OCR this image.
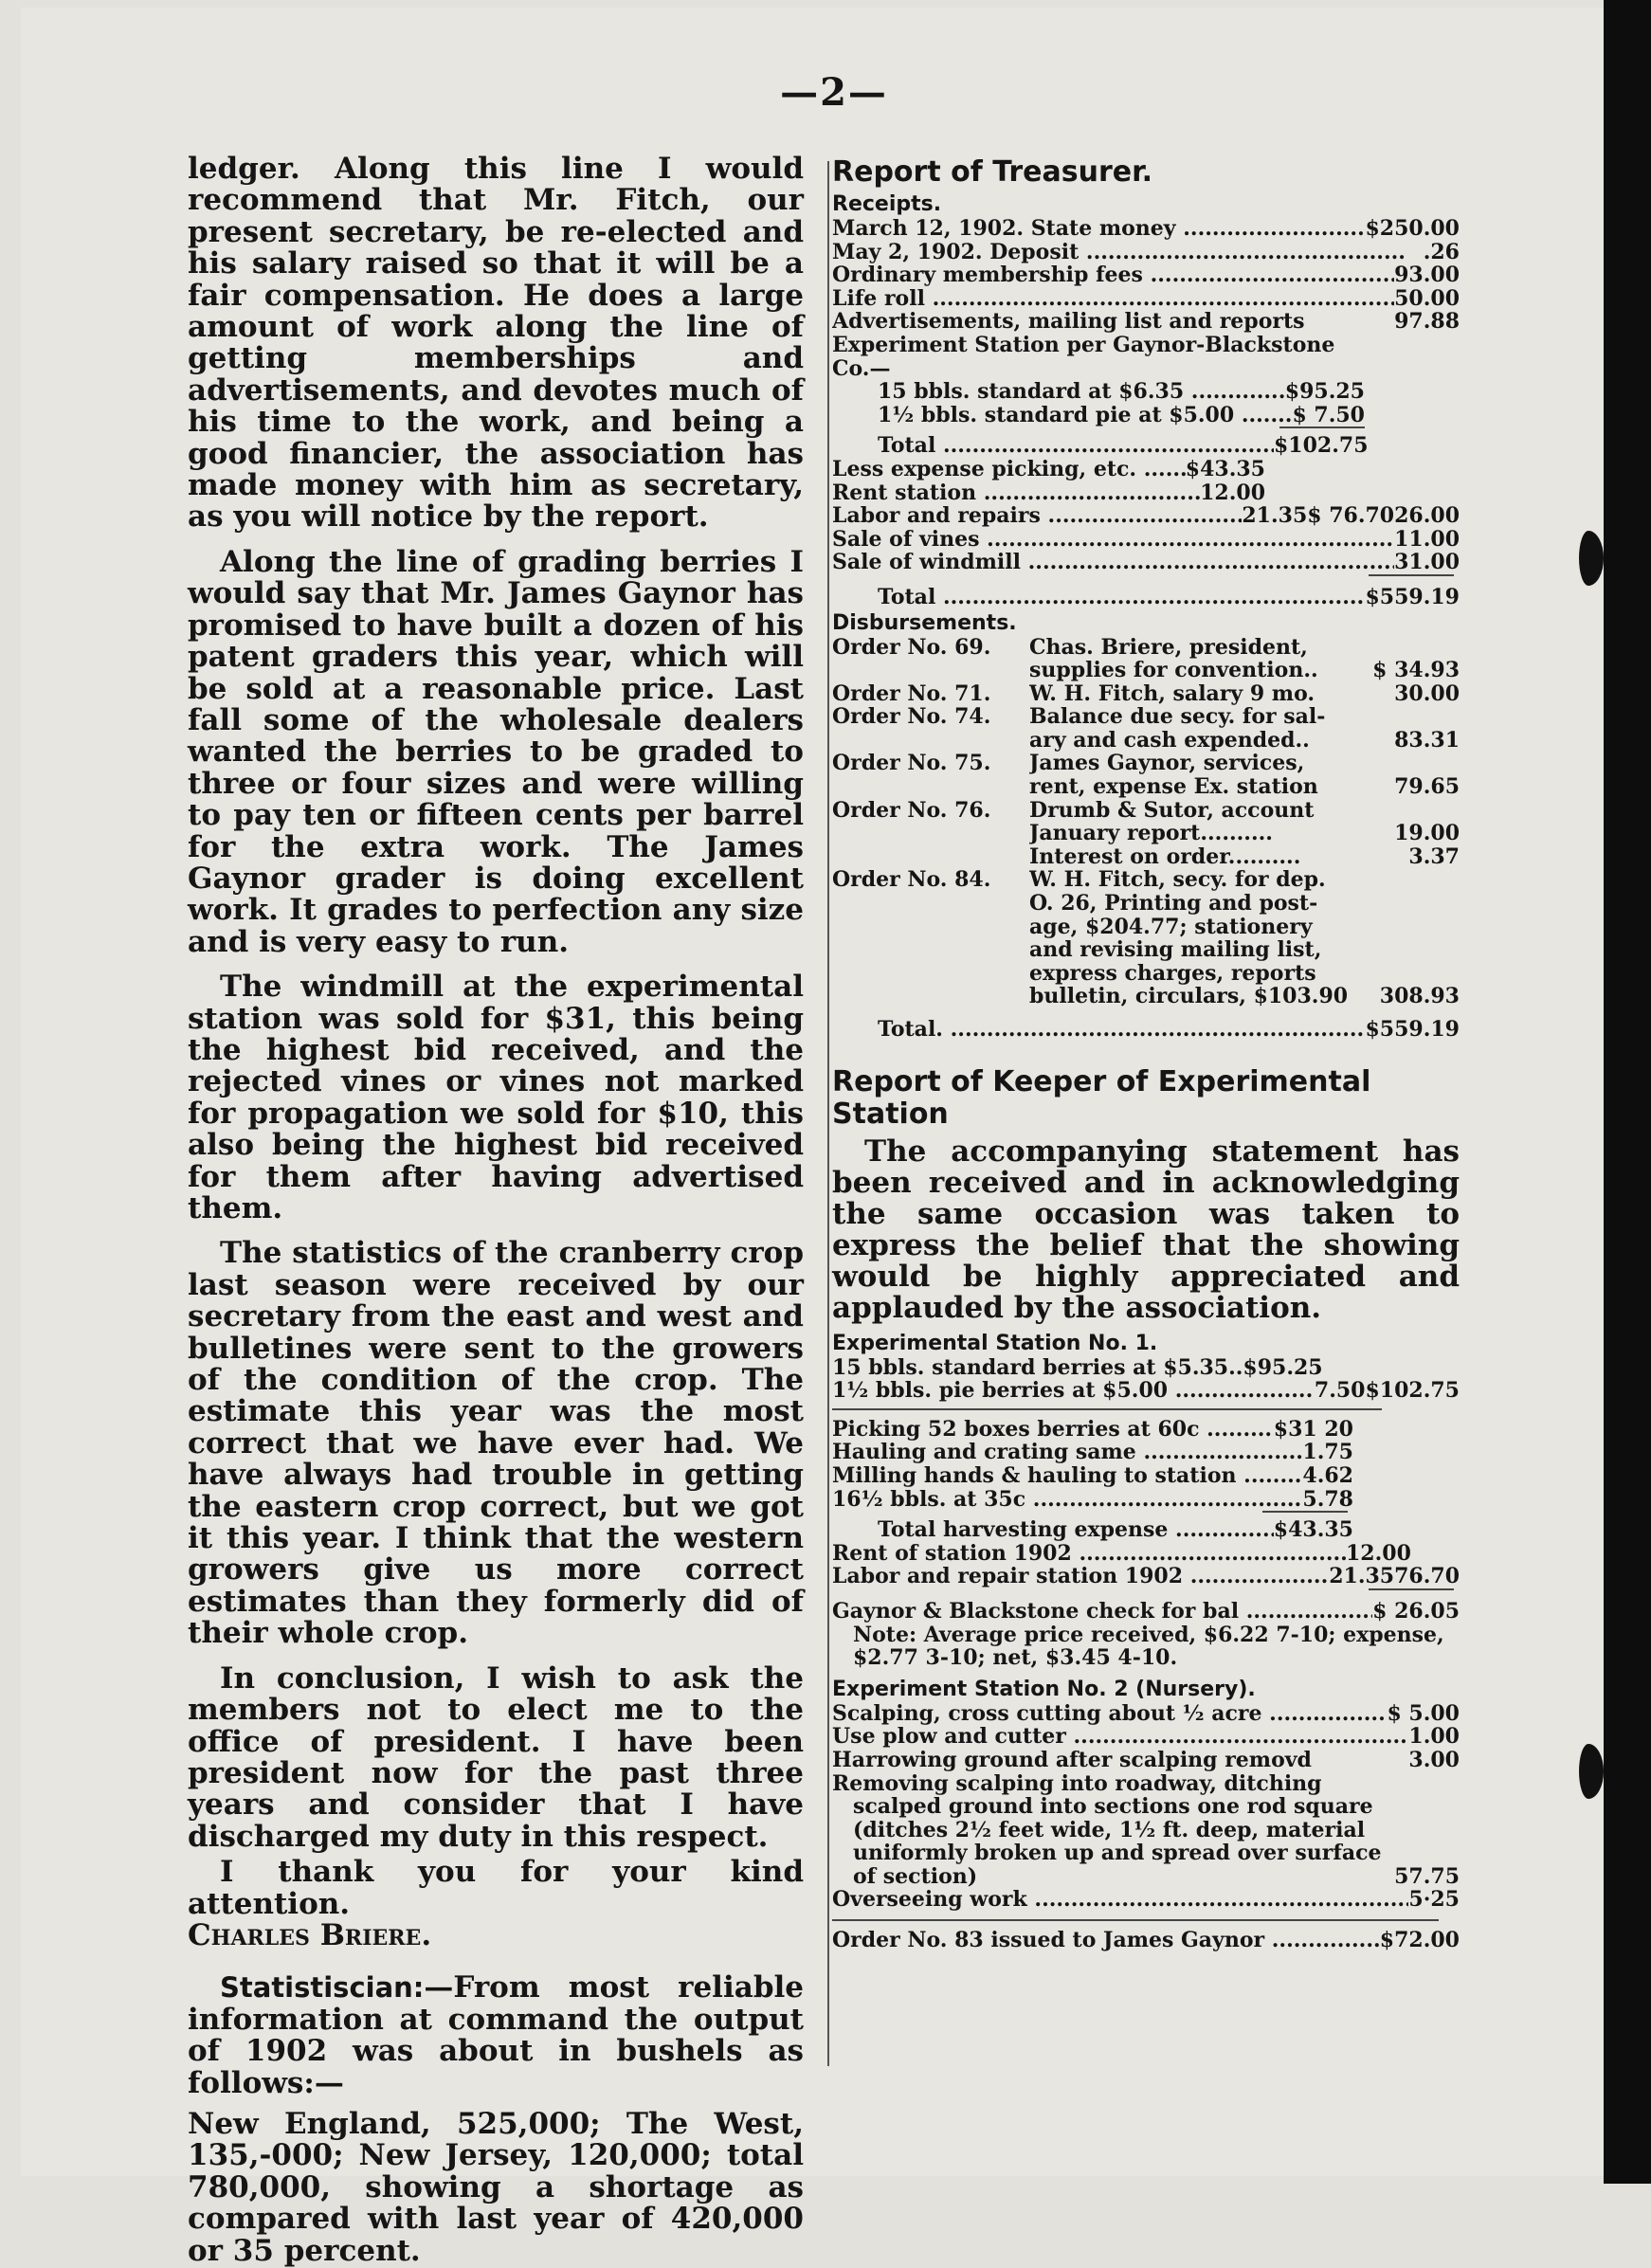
—2—

ledger. Along this line I would recommend that Mr. Fitch, our present secretary, be re-elected and his salary raised so that it will be a fair compensation. He does a large amount of work along the line of getting memberships and advertisements, and devotes much of his time to the work, and being a good financier, the association has made money with him as secretary, as you will notice by the report.

Along the line of grading berries I would say that Mr. James Gaynor has promised to have built a dozen of his patent graders this year, which will be sold at a reasonable price. Last fall some of the wholesale dealers wanted the berries to be graded to three or four sizes and were willing to pay ten or fifteen cents per barrel for the extra work. The James Gaynor grader is doing excellent work. It grades to perfection any size and is very easy to run.

The windmill at the experimental station was sold for $31, this being the highest bid received, and the rejected vines or vines not marked for propagation we sold for $10, this also being the highest bid received for them after having advertised them.

The statistics of the cranberry crop last season were received by our secretary from the east and west and bulletines were sent to the growers of the condition of the crop. The estimate this year was the most correct that we have ever had. We have always had trouble in getting the eastern crop correct, but we got it this year. I think that the western growers give us more correct estimates than they formerly did of their whole crop.

In conclusion, I wish to ask the members not to elect me to the office of president. I have been president now for the past three years and consider that I have discharged my duty in this respect.

I thank you for your kind attention.

Charles Briere.

Statistiscian:—From most reliable information at command the output of 1902 was about in bushels as follows:—

New England, 525,000; The West, 135,-000; New Jersey, 120,000; total 780,000, showing a shortage as compared with last year of 420,000 or 35 percent.

Report of Treasurer.

Receipts.

March 12, 1902. State money .....	$250.00
May 2, 1902. Deposit .....	.26
Ordinary membership fees .....	93.00
Life roll .....	50.00
Advertisements, mailing list and reports	97.88
Experiment Station per Gaynor-Blackstone Co.—
15 bbls. standard at $6.35 .....	$95.25
1½ bbls. standard pie at $5.00 .....	$ 7.50
Total .....	$102.75
Less expense picking, etc. .....	$43.35
Rent station .....	12.00
Labor and repairs .....	21.35 $ 76.70 26.00
Sale of vines .....	11.00
Sale of windmill .....	31.00
Total .....	$559.19

Disbursements.

Order No. 69.	Chas. Briere, president,
supplies for convention..	$ 34.93
Order No. 71.	W. H. Fitch, salary 9 mo.	30.00
Order No. 74.	Balance due secy. for sal-
ary and cash expended..	83.31
Order No. 75.	James Gaynor, services,
rent, expense Ex. station	79.65
Order No. 76.	Drumb & Sutor, account
January report..........	19.00
Interest on order..........	3.37
Order No. 84.	W. H. Fitch, secy. for dep.
O. 26, Printing and post-
age, $204.77; stationery
and revising mailing list,
express charges, reports
bulletin, circulars, $103.90	308.93
Total. .....	$559.19

Report of Keeper of Experimental

Station

The accompanying statement has been received and in acknowledging the same occasion was taken to express the belief that the showing would be highly appreciated and applauded by the association.

Experimental Station No. 1.

15 bbls. standard berries at $5.35..$95.25
1½ bbls. pie berries at $5.00 .....	7.50 $102.75
Picking 52 boxes berries at 60c .....	$31 20
Hauling and crating same .....	1.75
Milling hands & hauling to station .....	4.62
16½ bbls. at 35c .....	5.78
Total harvesting expense .....	$43.35
Rent of station 1902 .....	12.00
Labor and repair station 1902 .....	21.35 76.70
Gaynor & Blackstone check for bal .....	$ 26.05
Note: Average price received, $6.22 7-10; expense, $2.77 3-10; net, $3.45 4-10.

Experiment Station No. 2 (Nursery).

Scalping, cross cutting about ½ acre .....	$ 5.00
Use plow and cutter .....	1.00
Harrowing ground after scalping removd	3.00
Removing scalping into roadway, ditching scalped ground into sections one rod square (ditches 2½ feet wide, 1½ ft. deep, material uniformly broken up and spread over surface of section)	57.75
Overseeing work .....	5·25
Order No. 83 issued to James Gaynor .....	$72.00
